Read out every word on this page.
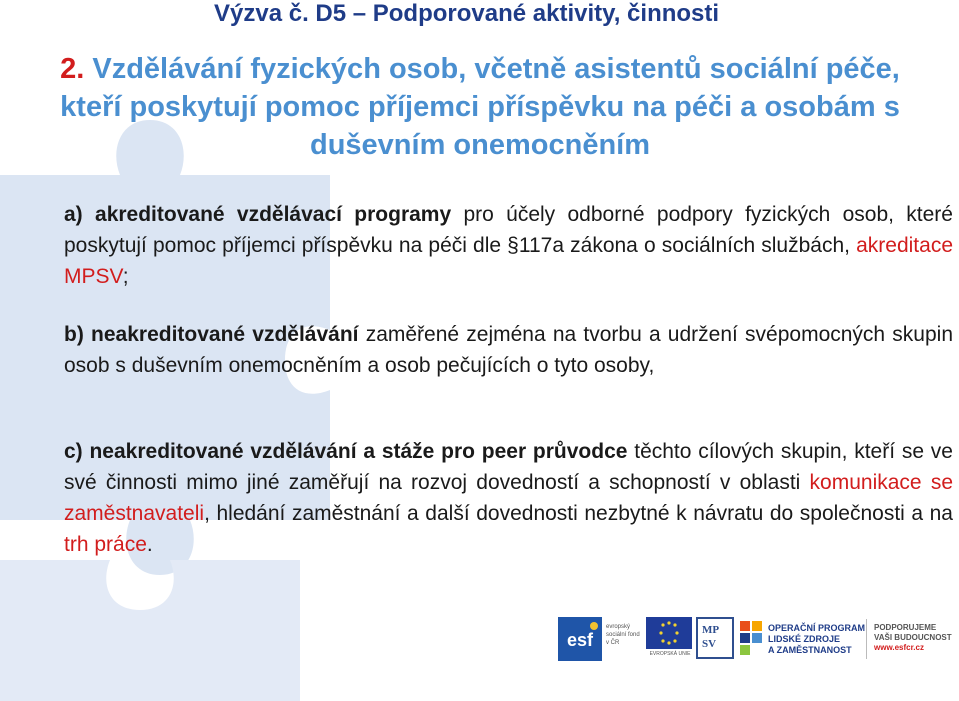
Výzva č. D5 – Podporované aktivity, činnosti

2. Vzdělávání fyzických osob, včetně asistentů sociální péče, kteří poskytují pomoc příjemci příspěvku na péči a osobám s duševním onemocněním

a) akreditované vzdělávací programy pro účely odborné podpory fyzických osob, které poskytují pomoc příjemci příspěvku na péči dle §117a zákona o sociálních službách, akreditace MPSV;
b) neakreditované vzdělávání zaměřené zejména na tvorbu a udržení svépomocných skupin osob s duševním onemocněním a osob pečujících o tyto osoby,
c) neakreditované vzdělávání a stáže pro peer průvodce těchto cílových skupin, kteří se ve své činnosti mimo jiné zaměřují na rozvoj dovedností a schopností v oblasti komunikace se zaměstnavateli, hledání zaměstnání a další dovednosti nezbytné k návratu do společnosti a na trh práce.
esf
evropský sociální fond v ČR
EVROPSKÁ UNIE
MP
SV
OPERAČNÍ PROGRAM
LIDSKÉ ZDROJE
A ZAMĚSTNANOST
PODPORUJEME
VAŠI BUDOUCNOST
www.esfcr.cz
